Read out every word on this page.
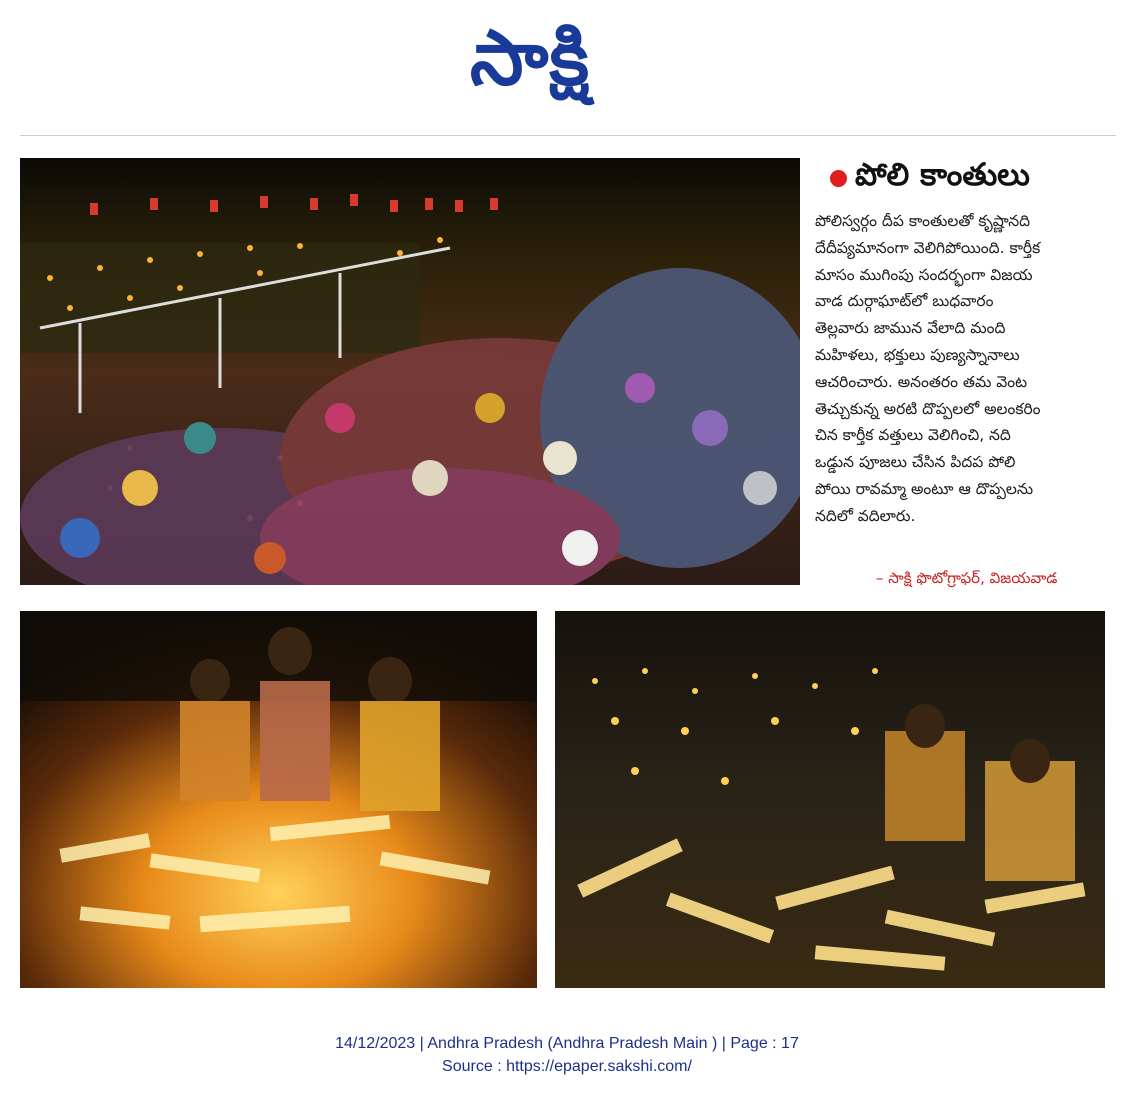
సాక్షి
పోలి కాంతులు
పోలిస్వర్గం దీప కాంతులతో కృష్ణానది
దేదీప్యమానంగా వెలిగిపోయింది. కార్తీక
మాసం ముగింపు సందర్భంగా విజయ
వాడ దుర్గాఘాట్‌లో బుధవారం
తెల్లవారు జామున వేలాది మంది
మహిళలు, భక్తులు పుణ్యస్నానాలు
ఆచరించారు. అనంతరం తమ వెంట
తెచ్చుకున్న అరటి దొప్పలలో అలంకరిం
చిన కార్తీక వత్తులు వెలిగించి, నది
ఒడ్డున పూజలు చేసిన పిదప పోలి
పోయి రావమ్మా అంటూ ఆ దొప్పలను
నదిలో వదిలారు.
– సాక్షి ఫొటోగ్రాఫర్, విజయవాడ
14/12/2023 | Andhra Pradesh (Andhra Pradesh Main ) | Page : 17
Source : https://epaper.sakshi.com/
